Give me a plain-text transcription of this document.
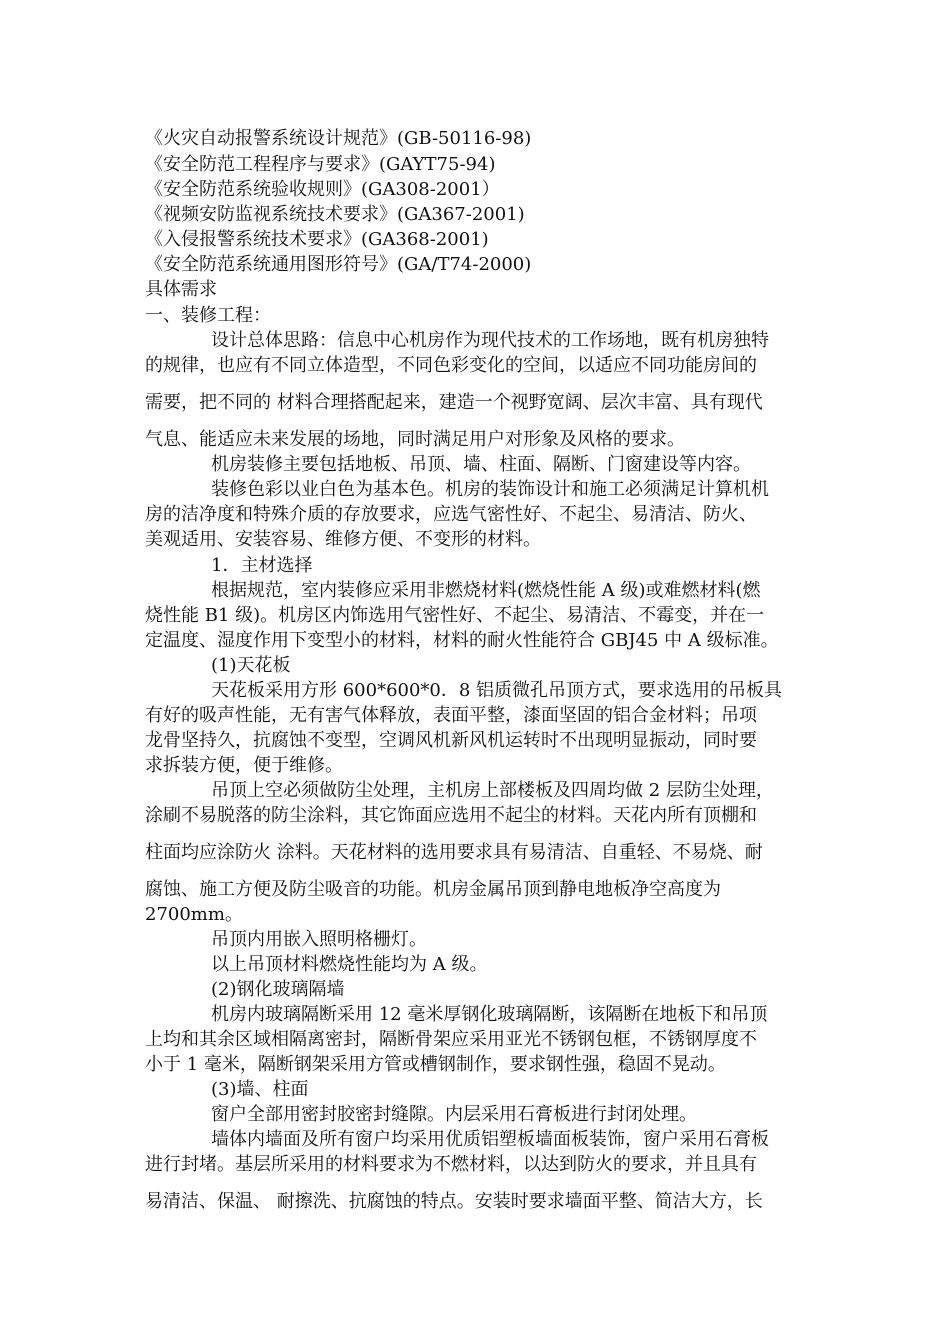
《火灾自动报警系统设计规范》(GB-50116-98)
《安全防范工程程序与要求》(GAYT75-94)
《安全防范系统验收规则》(GA308-2001）
《视频安防监视系统技术要求》(GA367-2001)
《入侵报警系统技术要求》(GA368-2001)
《安全防范系统通用图形符号》(GA/T74-2000)
具体需求
一、装修工程：
设计总体思路：信息中心机房作为现代技术的工作场地，既有机房独特
的规律，也应有不同立体造型，不同色彩变化的空间，以适应不同功能房间的
需要，把不同的 材料合理搭配起来，建造一个视野宽阔、层次丰富、具有现代
气息、能适应未来发展的场地，同时满足用户对形象及风格的要求。
机房装修主要包括地板、吊顶、墙、柱面、隔断、门窗建设等内容。
装修色彩以业白色为基本色。机房的装饰设计和施工必须满足计算机机
房的洁净度和特殊介质的存放要求，应选气密性好、不起尘、易清洁、防火、
美观适用、安装容易、维修方便、不变形的材料。
1．主材选择
根据规范，室内装修应采用非燃烧材料(燃烧性能 A 级)或难燃材料(燃
烧性能 B1 级)。机房区内饰选用气密性好、不起尘、易清洁、不霉变，并在一
定温度、湿度作用下变型小的材料，材料的耐火性能符合 GBJ45 中 A 级标准。
(1)天花板
天花板采用方形 600*600*0．8 铝质微孔吊顶方式，要求选用的吊板具
有好的吸声性能，无有害气体释放，表面平整，漆面坚固的铝合金材料；吊项
龙骨坚持久，抗腐蚀不变型，空调风机新风机运转时不出现明显振动，同时要
求拆装方便，便于维修。
吊顶上空必须做防尘处理，主机房上部楼板及四周均做 2 层防尘处理，
涂刷不易脱落的防尘涂料，其它饰面应选用不起尘的材料。天花内所有顶棚和
柱面均应涂防火 涂料。天花材料的选用要求具有易清洁、自重轻、不易烧、耐
腐蚀、施工方便及防尘吸音的功能。机房金属吊顶到静电地板净空高度为
2700mm。
吊顶内用嵌入照明格栅灯。
以上吊顶材料燃烧性能均为 A 级。
(2)钢化玻璃隔墙
机房内玻璃隔断采用 12 毫米厚钢化玻璃隔断，该隔断在地板下和吊顶
上均和其余区域相隔离密封，隔断骨架应采用亚光不锈钢包框，不锈钢厚度不
小于 1 毫米，隔断钢架采用方管或槽钢制作，要求钢性强，稳固不晃动。
(3)墙、柱面
窗户全部用密封胶密封缝隙。内层采用石膏板进行封闭处理。
墙体内墙面及所有窗户均采用优质铝塑板墙面板装饰，窗户采用石膏板
进行封堵。基层所采用的材料要求为不燃材料，以达到防火的要求，并且具有
易清洁、保温、 耐擦洗、抗腐蚀的特点。安装时要求墙面平整、简洁大方，长
